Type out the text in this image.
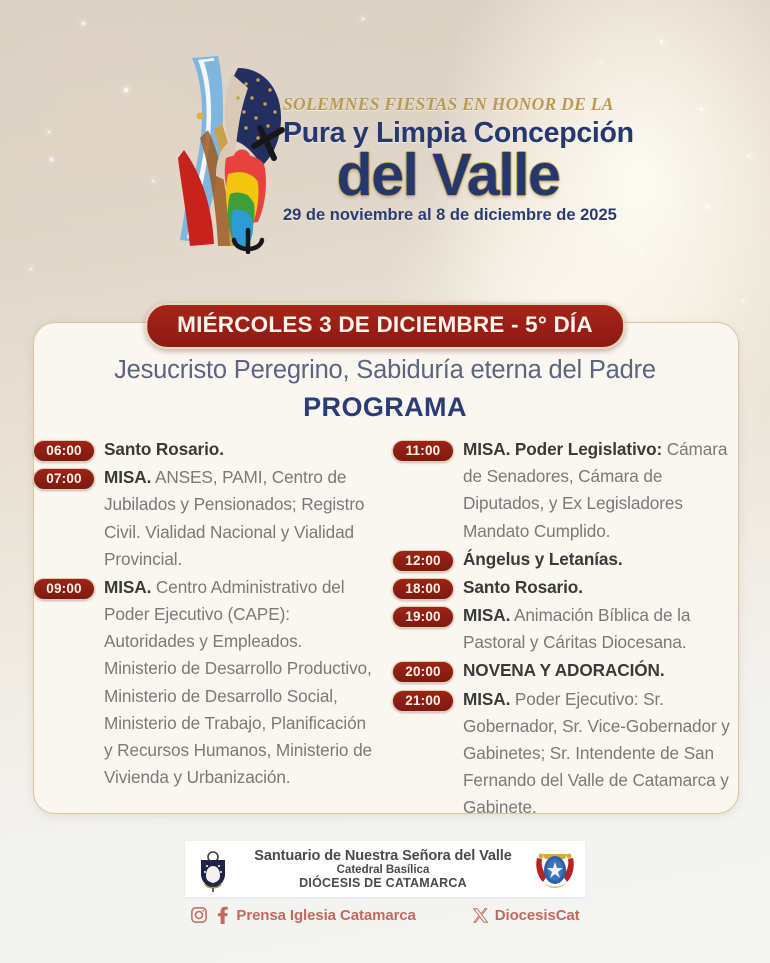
SOLEMNES FIESTAS EN HONOR DE LA
Pura y Limpia Concepción
del Valle
29 de noviembre al 8 de diciembre de 2025
MIÉRCOLES 3 DE DICIEMBRE - 5° DÍA
Jesucristo Peregrino, Sabiduría eterna del Padre
PROGRAMA
06:00	Santo Rosario.
07:00	MISA. ANSES, PAMI, Centro de Jubilados y Pensionados; Registro Civil. Vialidad Nacional y Vialidad Provincial.
09:00	MISA. Centro Administrativo del Poder Ejecutivo (CAPE): Autoridades y Empleados. Ministerio de Desarrollo Productivo, Ministerio de Desarrollo Social, Ministerio de Trabajo, Planificación y Recursos Humanos, Ministerio de Vivienda y Urbanización.
11:00	MISA. Poder Legislativo: Cámara de Senadores, Cámara de Diputados, y Ex Legisladores Mandato Cumplido.
12:00	Ángelus y Letanías.
18:00	Santo Rosario.
19:00	MISA. Animación Bíblica de la Pastoral y Cáritas Diocesana.
20:00	NOVENA Y ADORACIÓN.
21:00	MISA. Poder Ejecutivo: Sr. Gobernador, Sr. Vice-Gobernador y Gabinetes; Sr. Intendente de San Fernando del Valle de Catamarca y Gabinete.
Santuario de Nuestra Señora del Valle
Catedral Basílica
DIÓCESIS DE CATAMARCA
Prensa Iglesia Catamarca	DiocesisCat
